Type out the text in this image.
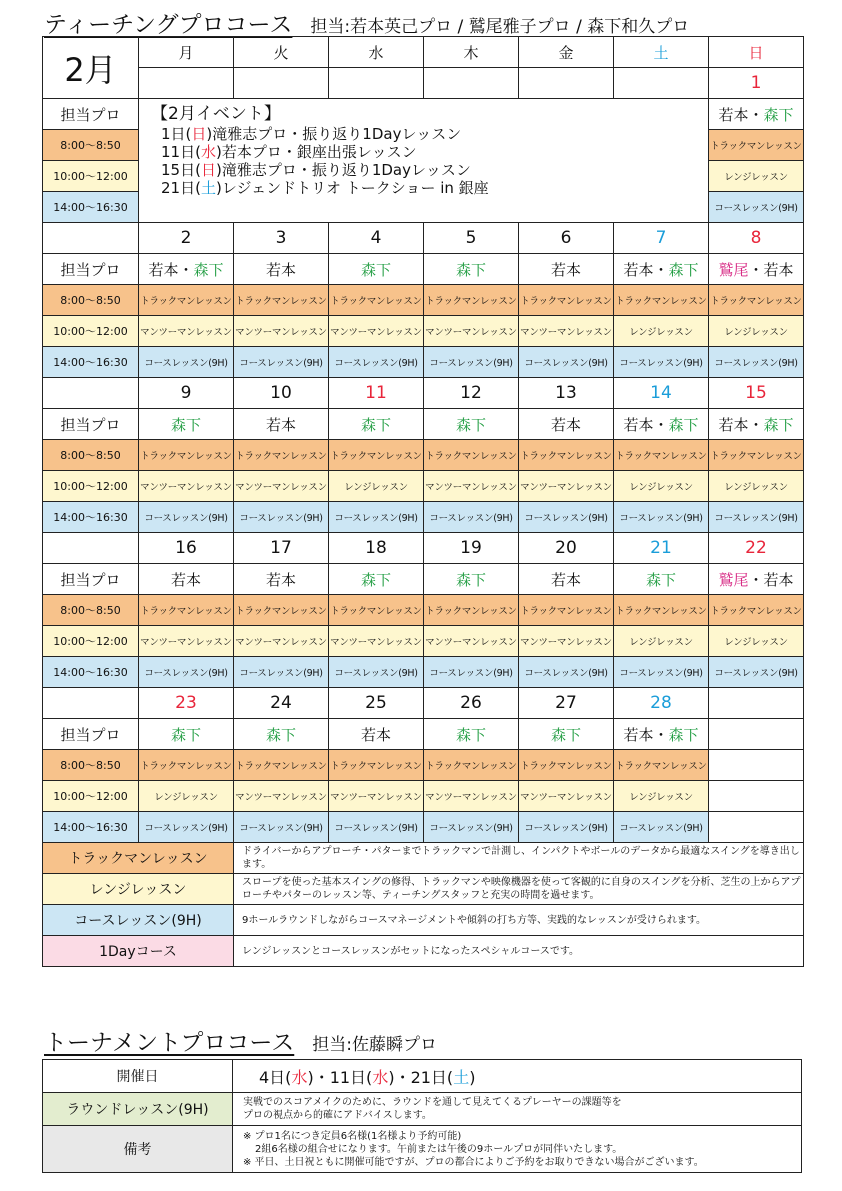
ティーチングプロコース 担当:若本英己プロ / 鷲尾雅子プロ / 森下和久プロ
2月	月	火	水	木	金	土	日
							1
担当プロ	【2月イベント】
1日(日)滝雅志プロ・振り返り1Dayレッスン
11日(水)若本プロ・銀座出張レッスン
15日(日)滝雅志プロ・振り返り1Dayレッスン
21日(土)レジェンドトリオ トークショー in 銀座						若本・森下
8:00～8:50							トラックマンレッスン
10:00～12:00							レンジレッスン
14:00～16:30							コースレッスン(9H)
	2	3	4	5	6	7	8
担当プロ	若本・森下	若本	森下	森下	若本	若本・森下	鷲尾・若本
8:00～8:50	トラックマンレッスン	トラックマンレッスン	トラックマンレッスン	トラックマンレッスン	トラックマンレッスン	トラックマンレッスン	トラックマンレッスン
10:00～12:00	マンツーマンレッスン	マンツーマンレッスン	マンツーマンレッスン	マンツーマンレッスン	マンツーマンレッスン	レンジレッスン	レンジレッスン
14:00～16:30	コースレッスン(9H)	コースレッスン(9H)	コースレッスン(9H)	コースレッスン(9H)	コースレッスン(9H)	コースレッスン(9H)	コースレッスン(9H)
	9	10	11	12	13	14	15
担当プロ	森下	若本	森下	森下	若本	若本・森下	若本・森下
8:00～8:50	トラックマンレッスン	トラックマンレッスン	トラックマンレッスン	トラックマンレッスン	トラックマンレッスン	トラックマンレッスン	トラックマンレッスン
10:00～12:00	マンツーマンレッスン	マンツーマンレッスン	レンジレッスン	マンツーマンレッスン	マンツーマンレッスン	レンジレッスン	レンジレッスン
14:00～16:30	コースレッスン(9H)	コースレッスン(9H)	コースレッスン(9H)	コースレッスン(9H)	コースレッスン(9H)	コースレッスン(9H)	コースレッスン(9H)
	16	17	18	19	20	21	22
担当プロ	若本	若本	森下	森下	若本	森下	鷲尾・若本
8:00～8:50	トラックマンレッスン	トラックマンレッスン	トラックマンレッスン	トラックマンレッスン	トラックマンレッスン	トラックマンレッスン	トラックマンレッスン
10:00～12:00	マンツーマンレッスン	マンツーマンレッスン	マンツーマンレッスン	マンツーマンレッスン	マンツーマンレッスン	レンジレッスン	レンジレッスン
14:00～16:30	コースレッスン(9H)	コースレッスン(9H)	コースレッスン(9H)	コースレッスン(9H)	コースレッスン(9H)	コースレッスン(9H)	コースレッスン(9H)
	23	24	25	26	27	28	
担当プロ	森下	森下	若本	森下	森下	若本・森下	
8:00～8:50	トラックマンレッスン	トラックマンレッスン	トラックマンレッスン	トラックマンレッスン	トラックマンレッスン	トラックマンレッスン	
10:00～12:00	レンジレッスン	マンツーマンレッスン	マンツーマンレッスン	マンツーマンレッスン	マンツーマンレッスン	レンジレッスン	
14:00～16:30	コースレッスン(9H)	コースレッスン(9H)	コースレッスン(9H)	コースレッスン(9H)	コースレッスン(9H)	コースレッスン(9H)	
トラックマンレッスン		ドライバーからアプローチ・パターまでトラックマンで計測し、インパクトやボールのデータから最適なスイングを導き出します。					
レンジレッスン		スロープを使った基本スイングの修得、トラックマンや映像機器を使って客観的に自身のスイングを分析、芝生の上からアプローチやパターのレッスン等、ティーチングスタッフと充実の時間を過せます。					
コースレッスン(9H)		9ホールラウンドしながらコースマネージメントや傾斜の打ち方等、実践的なレッスンが受けられます。					
1Dayコース		レンジレッスンとコースレッスンがセットになったスペシャルコースです。					
トーナメントプロコース 担当:佐藤瞬プロ
開催日	4日(水)・11日(水)・21日(土)
ラウンドレッスン(9H)	実戦でのスコアメイクのために、ラウンドを通して見えてくるプレーヤーの課題等を
プロの視点から的確にアドバイスします。

備考	※ プロ1名につき定員6名様(1名様より予約可能)
2組6名様の組合せになります。午前または午後の9ホールプロが同伴いたします。
※ 平日、土日祝ともに開催可能ですが、プロの都合によりご予約をお取りできない場合がございます。
